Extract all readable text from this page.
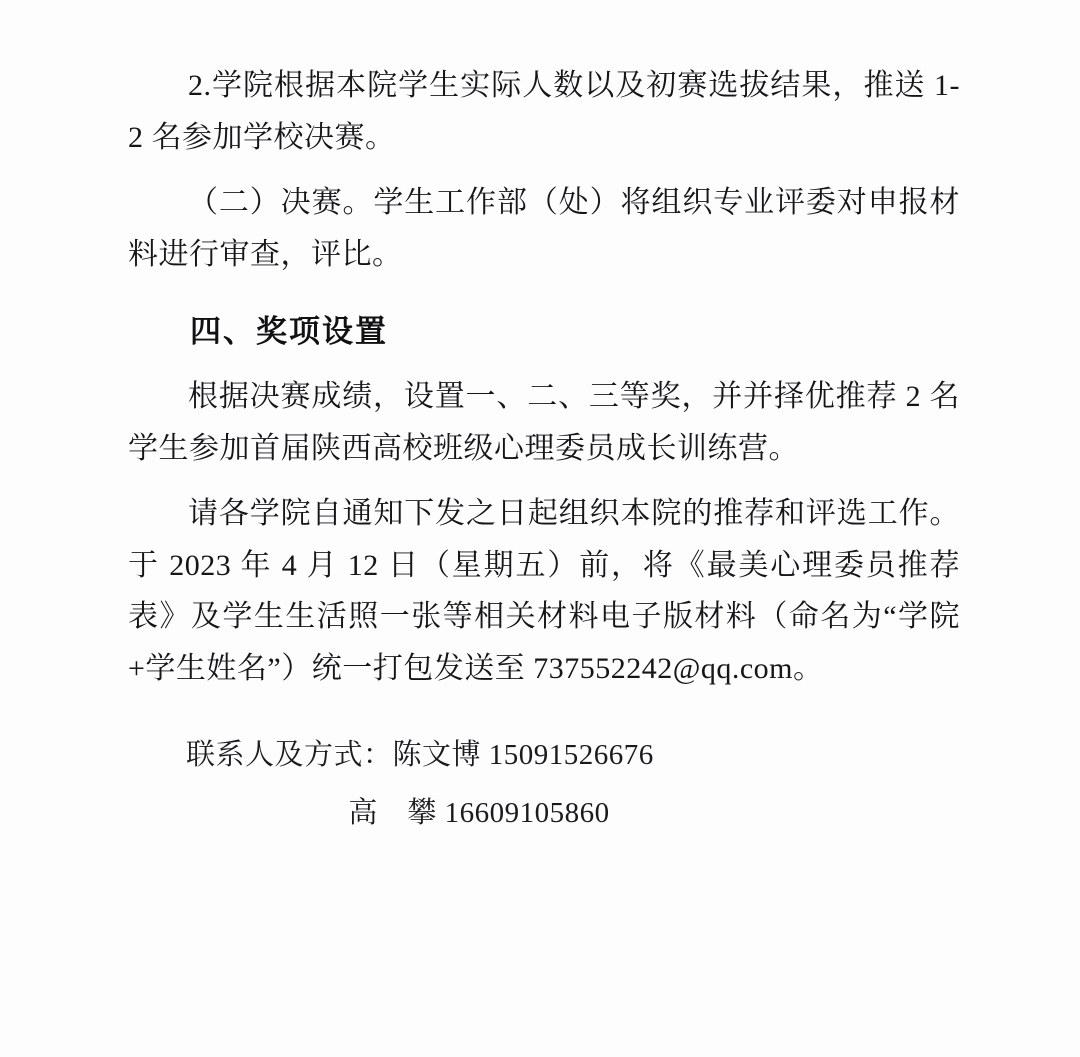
2.学院根据本院学生实际人数以及初赛选拔结果，推送 1-2 名参加学校决赛。

（二）决赛。学生工作部（处）将组织专业评委对申报材料进行审查，评比。

四、奖项设置

根据决赛成绩，设置一、二、三等奖，并并择优推荐 2 名学生参加首届陕西高校班级心理委员成长训练营。

请各学院自通知下发之日起组织本院的推荐和评选工作。于 2023 年 4 月 12 日（星期五）前，将《最美心理委员推荐表》及学生生活照一张等相关材料电子版材料（命名为“学院+学生姓名”）统一打包发送至 737552242@qq.com。

联系人及方式：陈文博 15091526676

高　攀 16609105860
